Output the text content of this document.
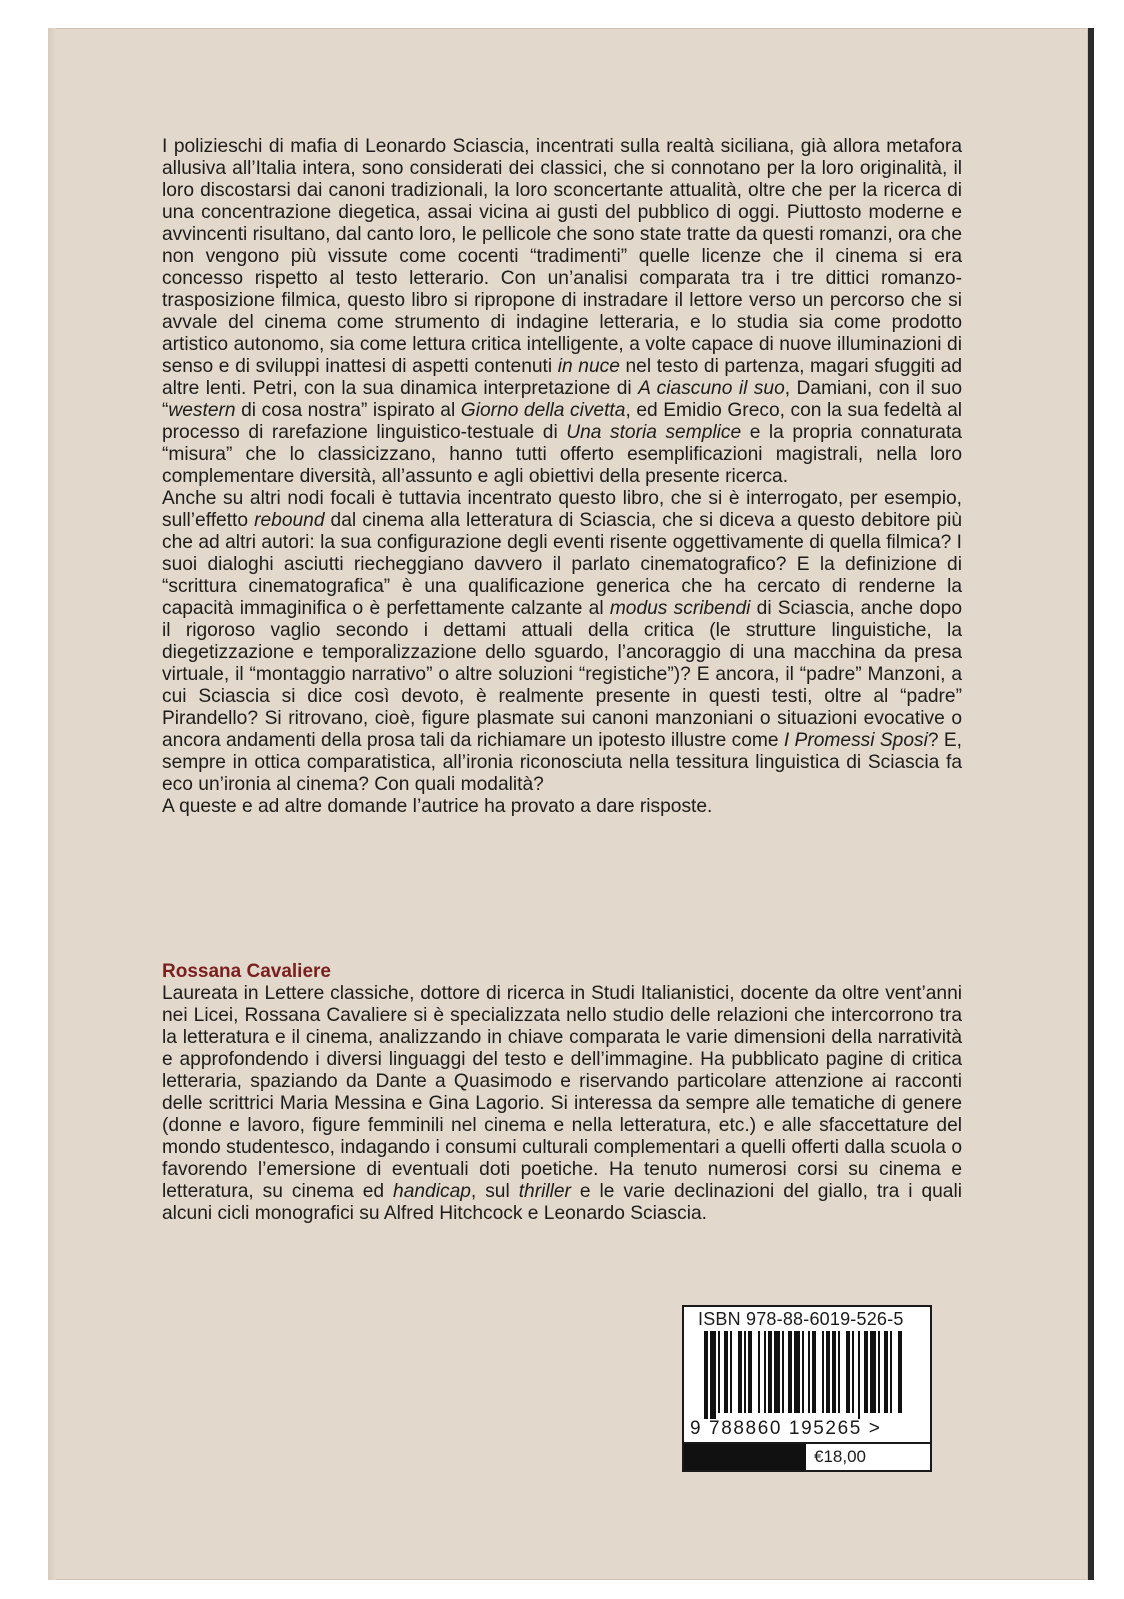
I polizieschi di mafia di Leonardo Sciascia, incentrati sulla realtà siciliana, già allora metafora allusiva all’Italia intera, sono considerati dei classici, che si connotano per la loro originalità, il loro discostarsi dai canoni tradizionali, la loro sconcertante attualità, oltre che per la ricerca di una concentrazione diegetica, assai vicina ai gusti del pubblico di oggi. Piuttosto moderne e avvincenti risultano, dal canto loro, le pellicole che sono state tratte da questi romanzi, ora che non vengono più vissute come cocenti “tradimenti” quelle licenze che il cinema si era concesso rispetto al testo letterario. Con un’analisi comparata tra i tre dittici romanzo-trasposizione filmica, questo libro si ripropone di instradare il lettore verso un percorso che si avvale del cinema come strumento di indagine letteraria, e lo studia sia come prodotto artistico autonomo, sia come lettura critica intelligente, a volte capace di nuove illuminazioni di senso e di sviluppi inattesi di aspetti contenuti in nuce nel testo di partenza, magari sfuggiti ad altre lenti. Petri, con la sua dinamica interpretazione di A ciascuno il suo, Damiani, con il suo “western di cosa nostra” ispirato al Giorno della civetta, ed Emidio Greco, con la sua fedeltà al processo di rarefazione linguistico-testuale di Una storia semplice e la propria connaturata “misura” che lo classicizzano, hanno tutti offerto esemplificazioni magistrali, nella loro complementare diversità, all’assunto e agli obiettivi della presente ricerca.

Anche su altri nodi focali è tuttavia incentrato questo libro, che si è interrogato, per esempio, sull’effetto rebound dal cinema alla letteratura di Sciascia, che si diceva a questo debitore più che ad altri autori: la sua configurazione degli eventi risente oggettivamente di quella filmica? I suoi dialoghi asciutti riecheggiano davvero il parlato cinematografico? E la definizione di “scrittura cinematografica” è una qualificazione generica che ha cercato di renderne la capacità immaginifica o è perfettamente calzante al modus scribendi di Sciascia, anche dopo il rigoroso vaglio secondo i dettami attuali della critica (le strutture linguistiche, la diegetizzazione e temporalizzazione dello sguardo, l’ancoraggio di una macchina da presa virtuale, il “montaggio narrativo” o altre soluzioni “registiche”)? E ancora, il “padre” Manzoni, a cui Sciascia si dice così devoto, è realmente presente in questi testi, oltre al “padre” Pirandello? Si ritrovano, cioè, figure plasmate sui canoni manzoniani o situazioni evocative o ancora andamenti della prosa tali da richiamare un ipotesto illustre come I Promessi Sposi? E, sempre in ottica comparatistica, all’ironia riconosciuta nella tessitura linguistica di Sciascia fa eco un’ironia al cinema? Con quali modalità?

A queste e ad altre domande l’autrice ha provato a dare risposte.

Rossana Cavaliere

Laureata in Lettere classiche, dottore di ricerca in Studi Italianistici, docente da oltre vent’anni nei Licei, Rossana Cavaliere si è specializzata nello studio delle relazioni che intercorrono tra la letteratura e il cinema, analizzando in chiave comparata le varie dimensioni della narratività e approfondendo i diversi linguaggi del testo e dell’immagine. Ha pubblicato pagine di critica letteraria, spaziando da Dante a Quasimodo e riservando particolare attenzione ai racconti delle scrittrici Maria Messina e Gina Lagorio. Si interessa da sempre alle tematiche di genere (donne e lavoro, figure femminili nel cinema e nella letteratura, etc.) e alle sfaccettature del mondo studentesco, indagando i consumi culturali complementari a quelli offerti dalla scuola o favorendo l’emersione di eventuali doti poetiche. Ha tenuto numerosi corsi su cinema e letteratura, su cinema ed handicap, sul thriller e le varie declinazioni del giallo, tra i quali alcuni cicli monografici su Alfred Hitchcock e Leonardo Sciascia.

ISBN 978-88-6019-526-5
9 788860 195265 >
€18,00
